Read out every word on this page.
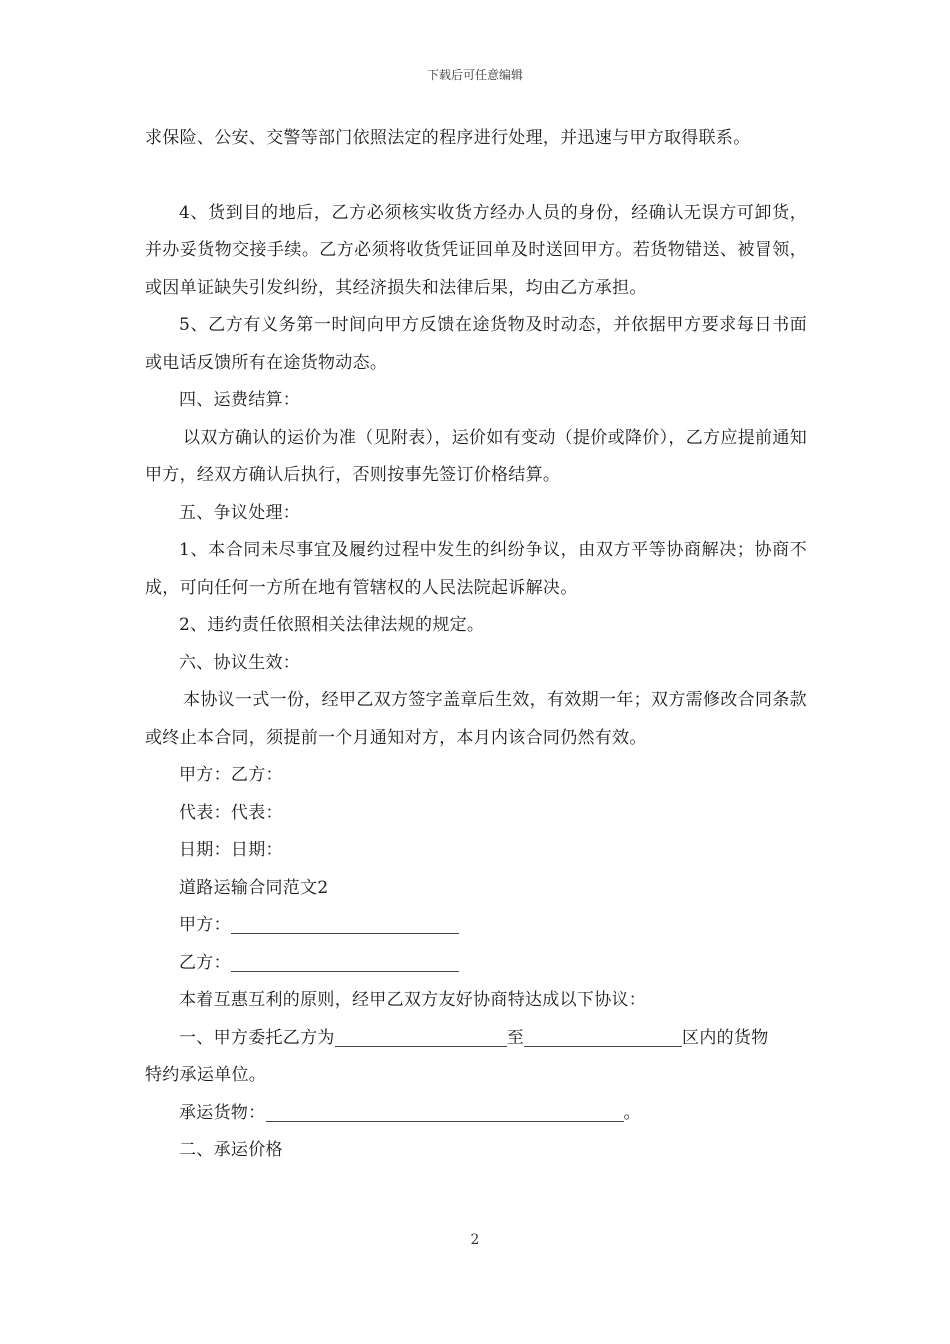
下载后可任意编辑

求保险、公安、交警等部门依照法定的程序进行处理，并迅速与甲方取得联系。

4、货到目的地后，乙方必须核实收货方经办人员的身份，经确认无误方可卸货，并办妥货物交接手续。乙方必须将收货凭证回单及时送回甲方。若货物错送、被冒领，或因单证缺失引发纠纷，其经济损失和法律后果，均由乙方承担。

5、乙方有义务第一时间向甲方反馈在途货物及时动态，并依据甲方要求每日书面或电话反馈所有在途货物动态。

四、运费结算：

以双方确认的运价为准（见附表），运价如有变动（提价或降价），乙方应提前通知甲方，经双方确认后执行，否则按事先签订价格结算。

五、争议处理：

1、本合同未尽事宜及履约过程中发生的纠纷争议，由双方平等协商解决；协商不成，可向任何一方所在地有管辖权的人民法院起诉解决。

2、违约责任依照相关法律法规的规定。

六、协议生效：

本协议一式一份，经甲乙双方签字盖章后生效，有效期一年；双方需修改合同条款或终止本合同，须提前一个月通知对方，本月内该合同仍然有效。

甲方：乙方：

代表：代表：

日期：日期：

道路运输合同范文2

甲方：

乙方：

本着互惠互利的原则，经甲乙双方友好协商特达成以下协议：

一、甲方委托乙方为	至	区内的货物

特约承运单位。

承运货物：	。

二、承运价格

2
